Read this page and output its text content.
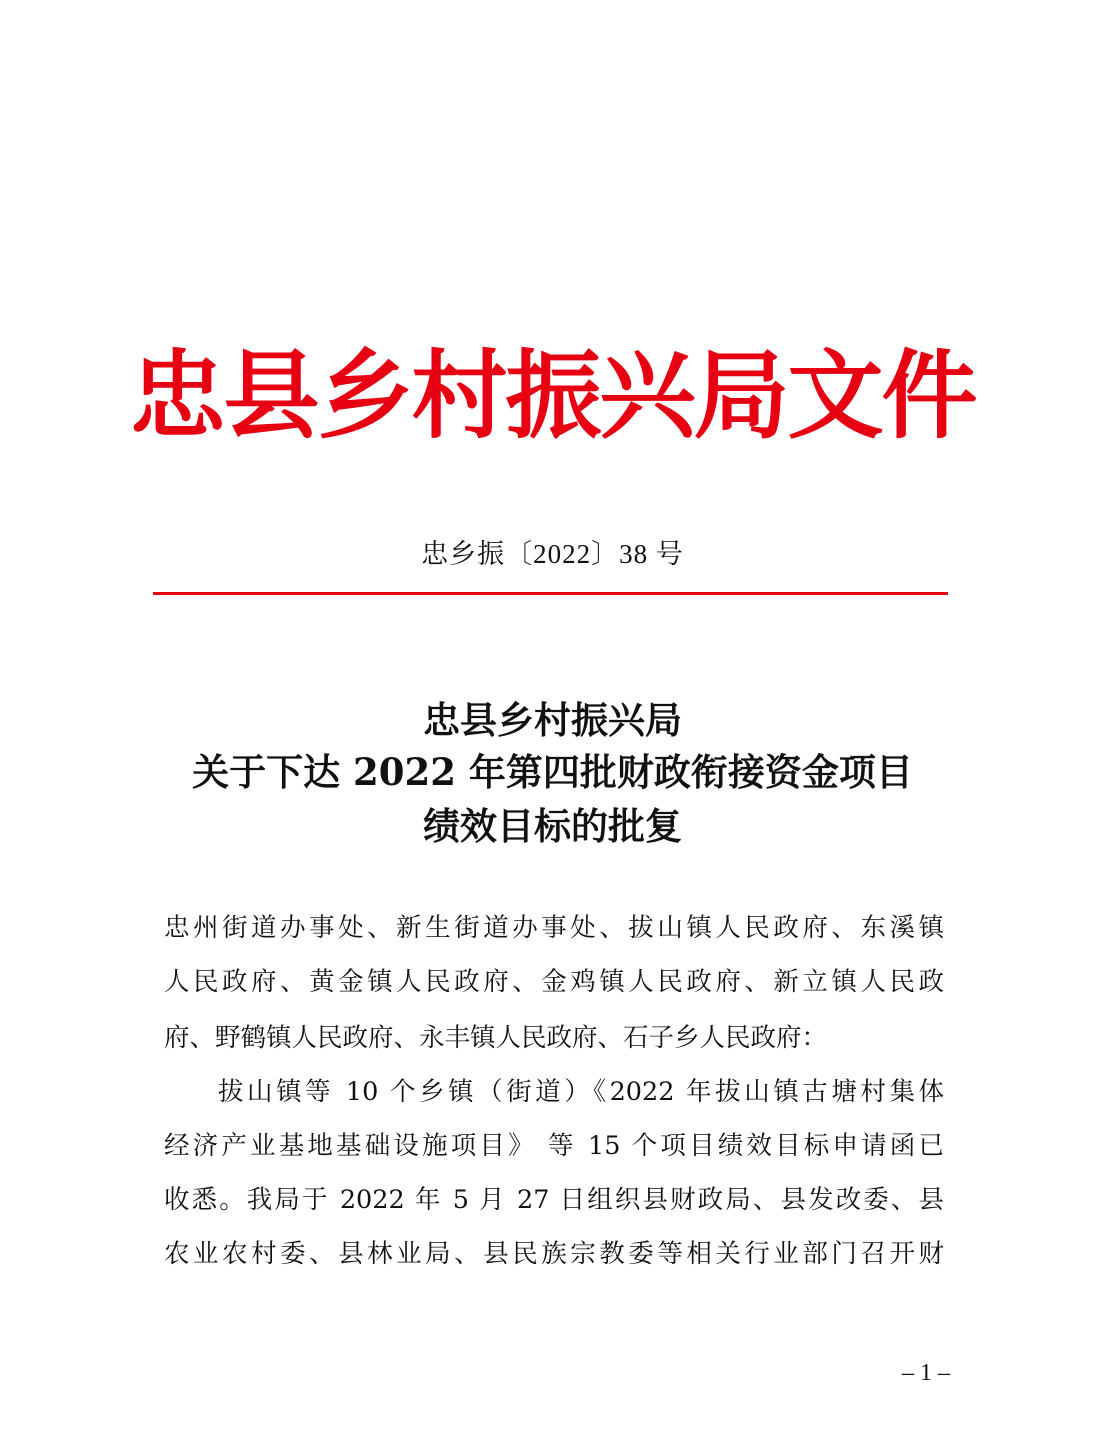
忠县乡村振兴局文件
忠乡振〔2022〕38 号
忠县乡村振兴局
关于下达 2022 年第四批财政衔接资金项目
绩效目标的批复
忠州街道办事处、新生街道办事处、拔山镇人民政府、东溪镇
人民政府、黄金镇人民政府、金鸡镇人民政府、新立镇人民政
府、野鹤镇人民政府、永丰镇人民政府、石子乡人民政府：
拔山镇等 10 个乡镇（街道）《2022 年拔山镇古塘村集体
经济产业基地基础设施项目》 等 15 个项目绩效目标申请函已
收悉。我局于 2022 年 5 月 27 日组织县财政局、县发改委、县
农业农村委、县林业局、县民族宗教委等相关行业部门召开财
– 1 –
